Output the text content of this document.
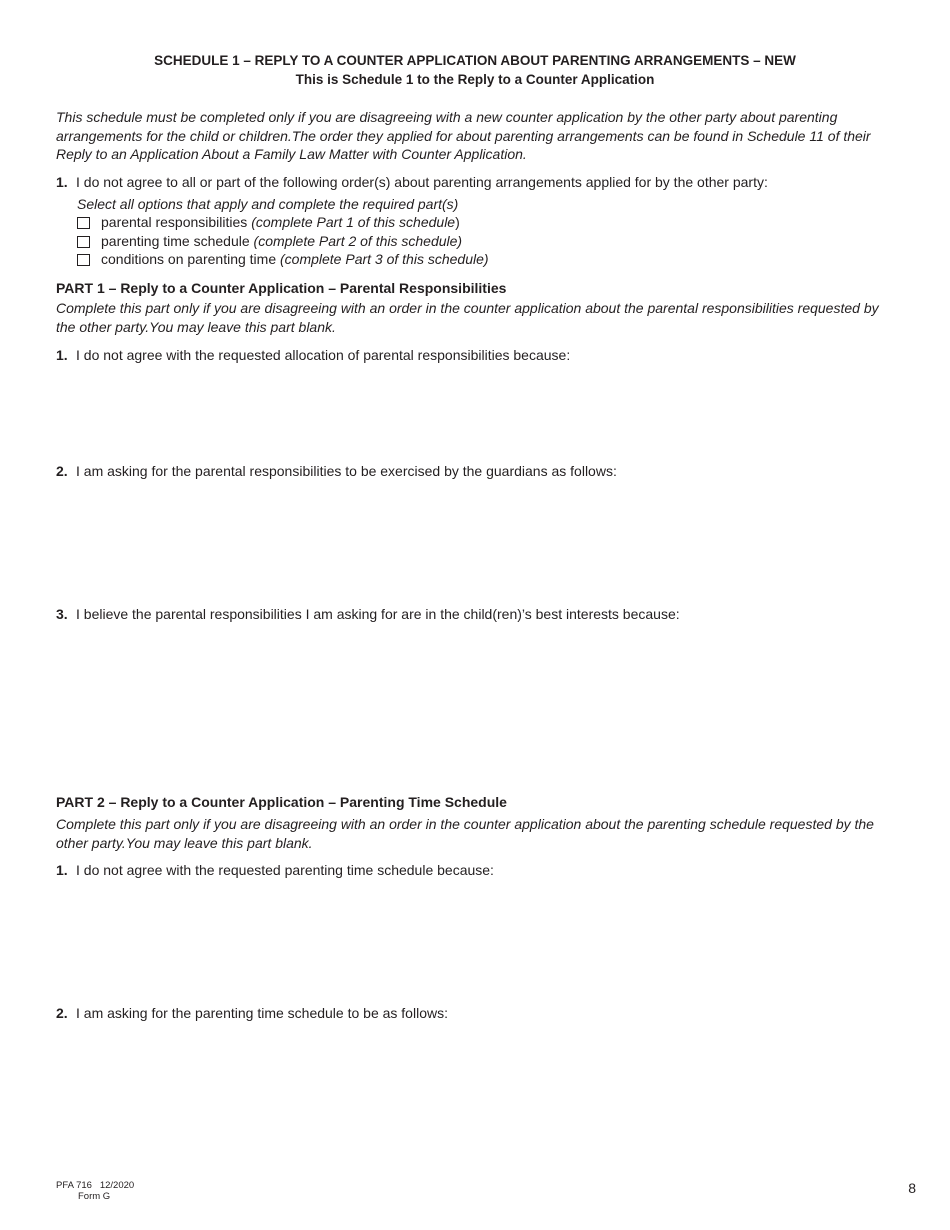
SCHEDULE 1 – REPLY TO A COUNTER APPLICATION ABOUT PARENTING ARRANGEMENTS – NEW
This is Schedule 1 to the Reply to a Counter Application
This schedule must be completed only if you are disagreeing with a new counter application by the other party about parenting arrangements for the child or children.The order they applied for about parenting arrangements can be found in Schedule 11 of their Reply to an Application About a Family Law Matter with Counter Application.
1. I do not agree to all or part of the following order(s) about parenting arrangements applied for by the other party:
Select all options that apply and complete the required part(s)
parental responsibilities (complete Part 1 of this schedule)
parenting time schedule (complete Part 2 of this schedule)
conditions on parenting time (complete Part 3 of this schedule)
PART 1 – Reply to a Counter Application – Parental Responsibilities
Complete this part only if you are disagreeing with an order in the counter application about the parental responsibilities requested by the other party.You may leave this part blank.
1. I do not agree with the requested allocation of parental responsibilities because:
2. I am asking for the parental responsibilities to be exercised by the guardians as follows:
3. I believe the parental responsibilities I am asking for are in the child(ren)’s best interests because:
PART 2 – Reply to a Counter Application – Parenting Time Schedule
Complete this part only if you are disagreeing with an order in the counter application about the parenting schedule requested by the other party.You may leave this part blank.
1. I do not agree with the requested parenting time schedule because:
2. I am asking for the parenting time schedule to be as follows:
PFA 716   12/2020
Form G
8
